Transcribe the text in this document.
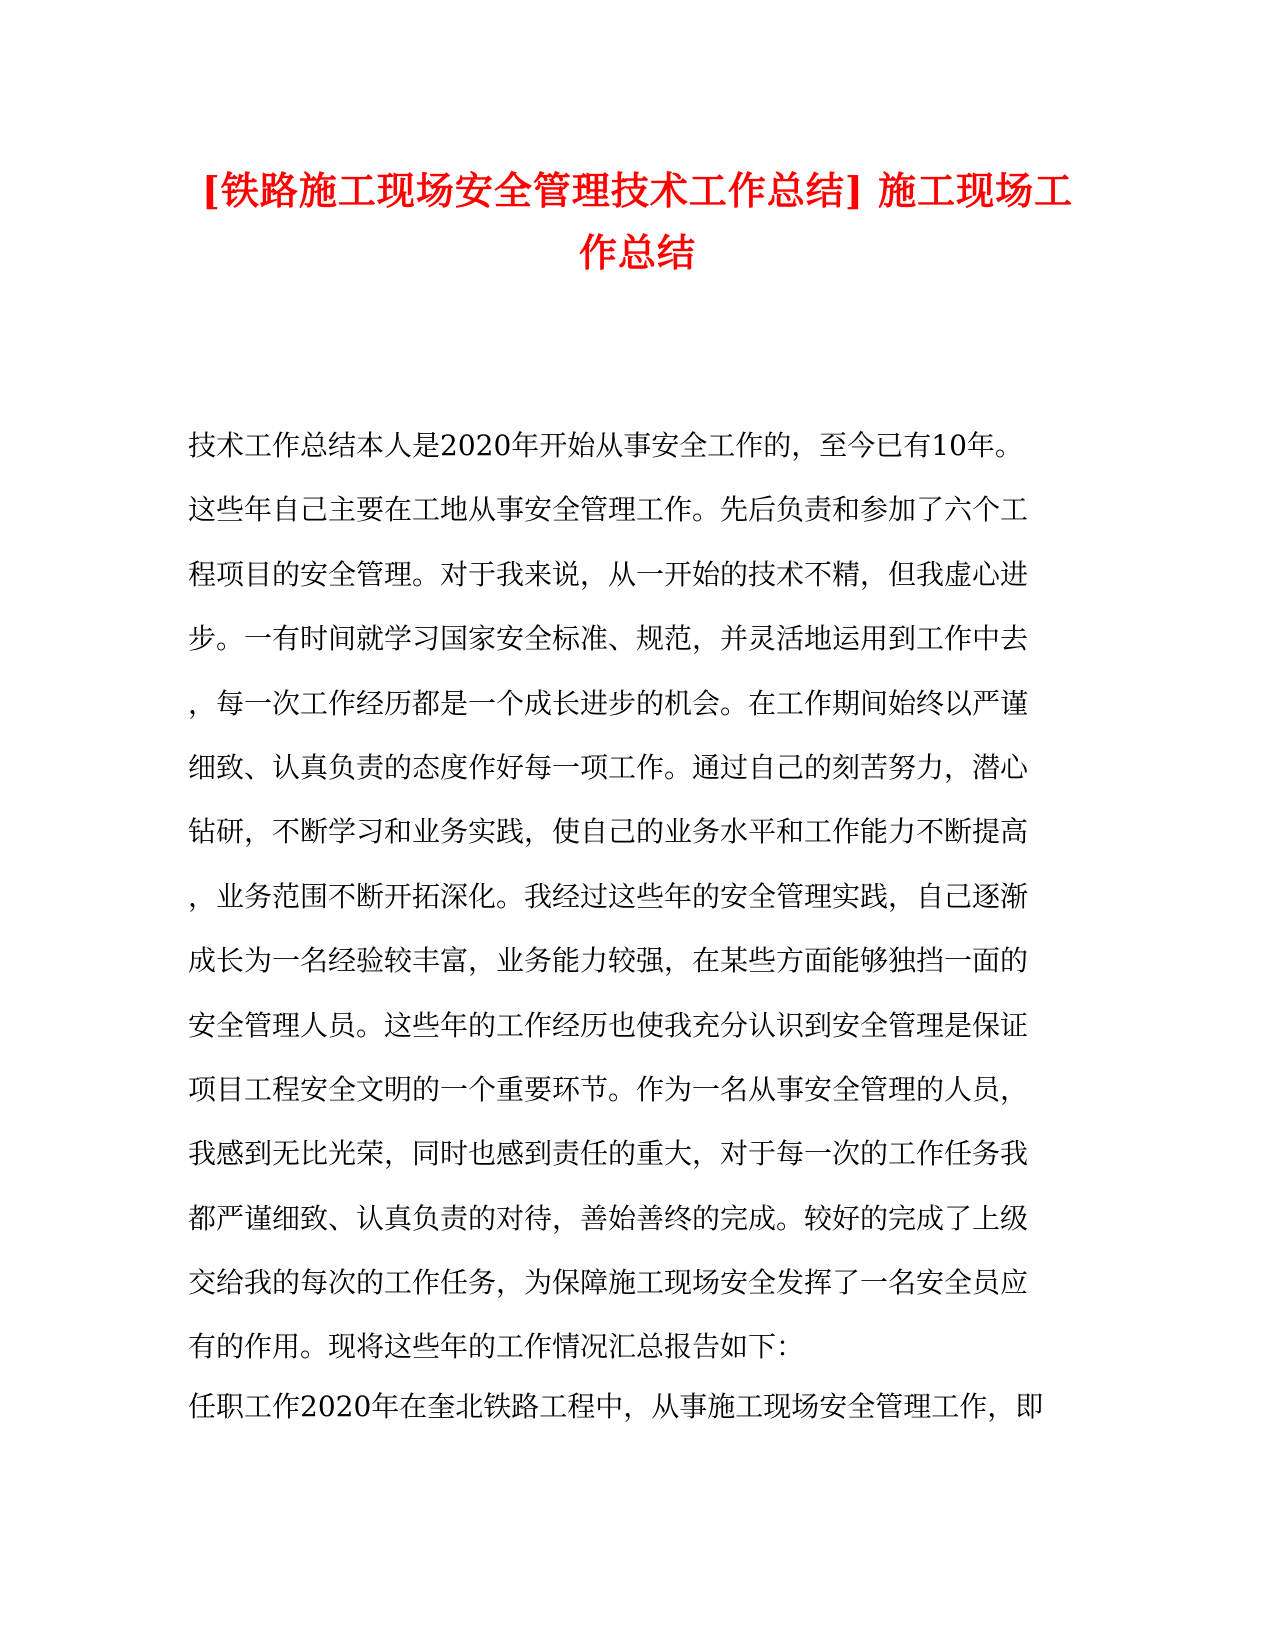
[铁路施工现场安全管理技术工作总结] 施工现场工
作总结
技术工作总结本人是2020年开始从事安全工作的，至今已有10年。
这些年自己主要在工地从事安全管理工作。先后负责和参加了六个工
程项目的安全管理。对于我来说，从一开始的技术不精，但我虚心进
步。一有时间就学习国家安全标准、规范，并灵活地运用到工作中去
，每一次工作经历都是一个成长进步的机会。在工作期间始终以严谨
细致、认真负责的态度作好每一项工作。通过自己的刻苦努力，潜心
钻研，不断学习和业务实践，使自己的业务水平和工作能力不断提高
，业务范围不断开拓深化。我经过这些年的安全管理实践，自己逐渐
成长为一名经验较丰富，业务能力较强，在某些方面能够独挡一面的
安全管理人员。这些年的工作经历也使我充分认识到安全管理是保证
项目工程安全文明的一个重要环节。作为一名从事安全管理的人员，
我感到无比光荣，同时也感到责任的重大，对于每一次的工作任务我
都严谨细致、认真负责的对待，善始善终的完成。较好的完成了上级
交给我的每次的工作任务，为保障施工现场安全发挥了一名安全员应
有的作用。现将这些年的工作情况汇总报告如下：
任职工作2020年在奎北铁路工程中，从事施工现场安全管理工作，即
